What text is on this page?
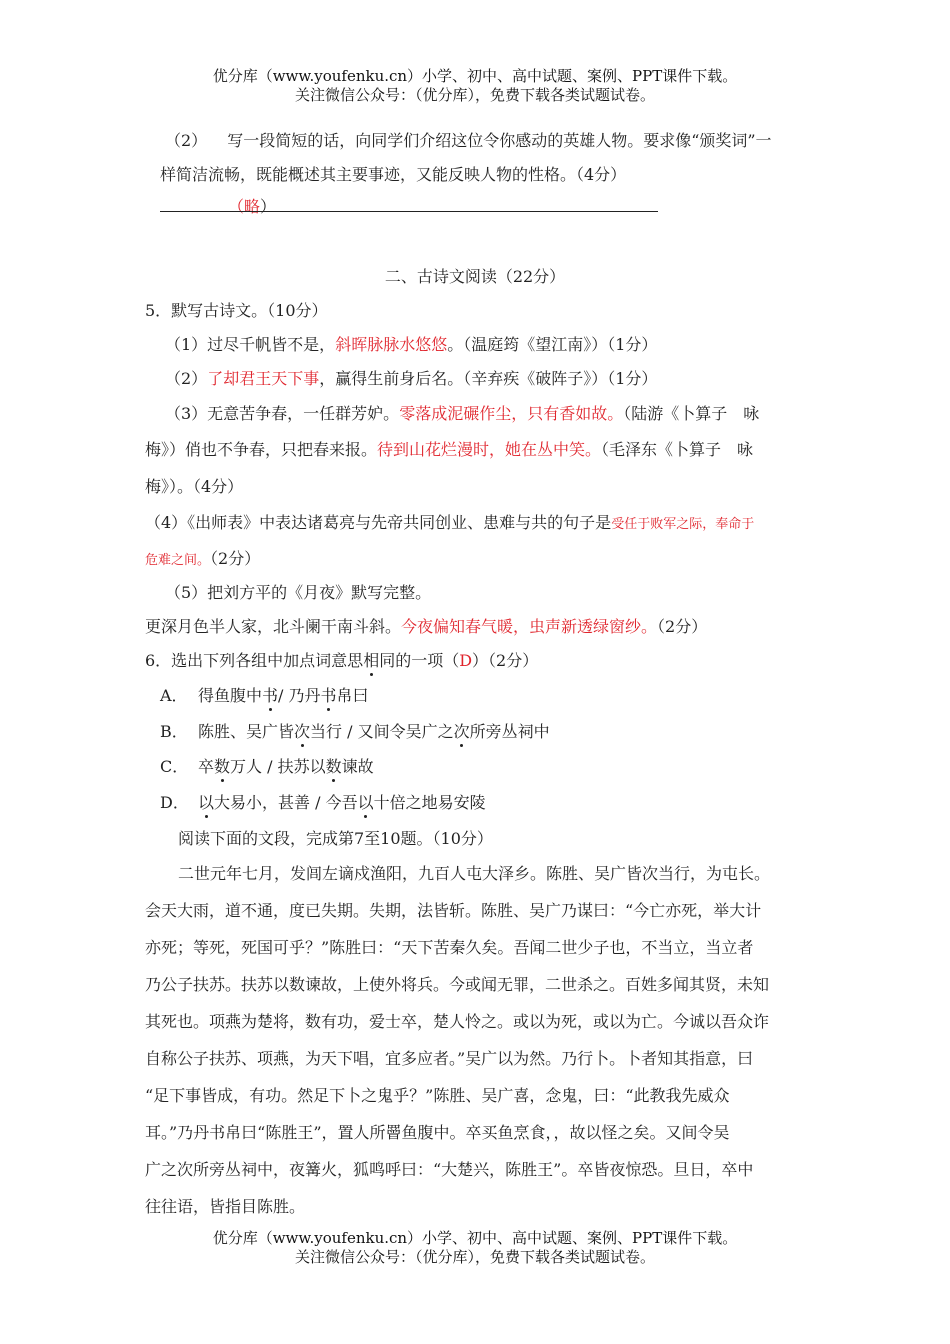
优分库（www.youfenku.cn）小学、初中、高中试题、案例、PPT课件下载。
关注微信公众号：（优分库），免费下载各类试题试卷。
（2） 写一段简短的话，向同学们介绍这位令你感动的英雄人物。要求像“颁奖词”一
样简洁流畅，既能概述其主要事迹，又能反映人物的性格。（4分）
（略）
二、古诗文阅读（22分）
5．默写古诗文。（10分）
（1）过尽千帆皆不是，斜晖脉脉水悠悠。（温庭筠《望江南》）（1分）
（2）了却君王天下事，赢得生前身后名。（辛弃疾《破阵子》）（1分）
（3）无意苦争春，一任群芳妒。零落成泥碾作尘，只有香如故。（陆游《卜算子　咏
梅》）俏也不争春，只把春来报。待到山花烂漫时，她在丛中笑。（毛泽东《卜算子　咏
梅》）。（4分）
（4）《出师表》中表达诸葛亮与先帝共同创业、患难与共的句子是受任于败军之际，奉命于
危难之间。（2分）
（5）把刘方平的《月夜》默写完整。
更深月色半人家，北斗阑干南斗斜。今夜偏知春气暖，虫声新透绿窗纱。（2分）
6．选出下列各组中加点词意思相同的一项（D）（2分）
A． 得鱼腹中书/ 乃丹书帛曰
B． 陈胜、吴广皆次当行 / 又间令吴广之次所旁丛祠中
C． 卒数万人 / 扶苏以数谏故
D． 以大易小，甚善 / 今吾以十倍之地易安陵
阅读下面的文段，完成第7至10题。（10分）
二世元年七月，发闾左谪戍渔阳，九百人屯大泽乡。陈胜、吴广皆次当行，为屯长。
会天大雨，道不通，度已失期。失期，法皆斩。陈胜、吴广乃谋曰：“今亡亦死，举大计
亦死；等死，死国可乎？”陈胜曰：“天下苦秦久矣。吾闻二世少子也，不当立，当立者
乃公子扶苏。扶苏以数谏故，上使外将兵。今或闻无罪，二世杀之。百姓多闻其贤，未知
其死也。项燕为楚将，数有功，爱士卒，楚人怜之。或以为死，或以为亡。今诚以吾众诈
自称公子扶苏、项燕，为天下唱，宜多应者。”吴广以为然。乃行卜。卜者知其指意，曰
“足下事皆成，有功。然足下卜之鬼乎？”陈胜、吴广喜，念鬼，曰：“此教我先威众
耳。”乃丹书帛曰“陈胜王”，置人所罾鱼腹中。卒买鱼烹食，，故以怪之矣。又间令吴
广之次所旁丛祠中，夜篝火，狐鸣呼曰：“大楚兴，陈胜王”。卒皆夜惊恐。旦日，卒中
往往语，皆指目陈胜。
优分库（www.youfenku.cn）小学、初中、高中试题、案例、PPT课件下载。
关注微信公众号：（优分库），免费下载各类试题试卷。
